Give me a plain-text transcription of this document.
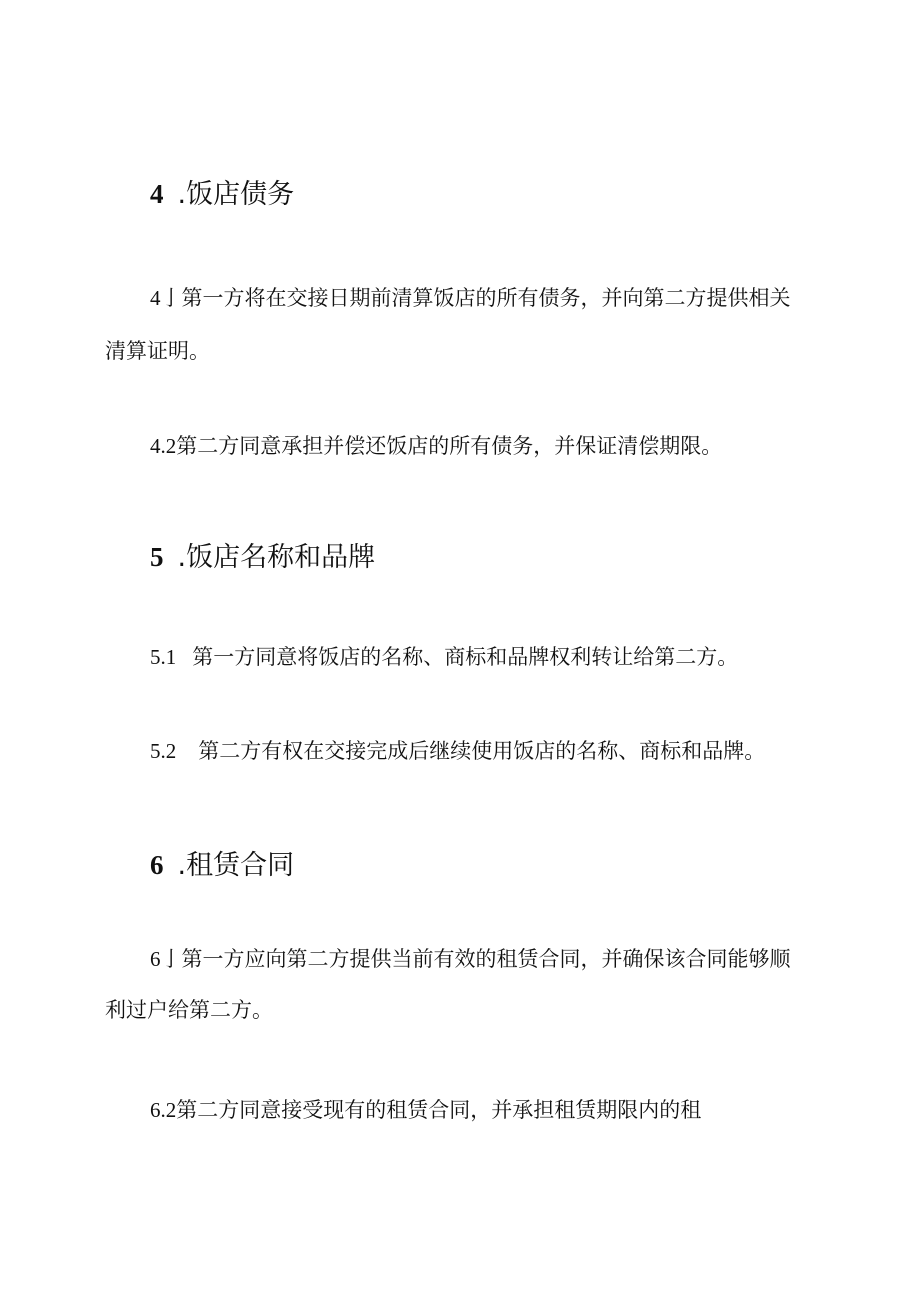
4 .饭店债务

4亅第一方将在交接日期前清算饭店的所有债务，并向第二方提供相关

清算证明。

4.2第二方同意承担并偿还饭店的所有债务，并保证清偿期限。

5 .饭店名称和品牌

5.1 第一方同意将饭店的名称、商标和品牌权利转让给第二方。

5.2 第二方有权在交接完成后继续使用饭店的名称、商标和品牌。

6 .租赁合同

6亅第一方应向第二方提供当前有效的租赁合同，并确保该合同能够顺

利过户给第二方。

6.2第二方同意接受现有的租赁合同，并承担租赁期限内的租
